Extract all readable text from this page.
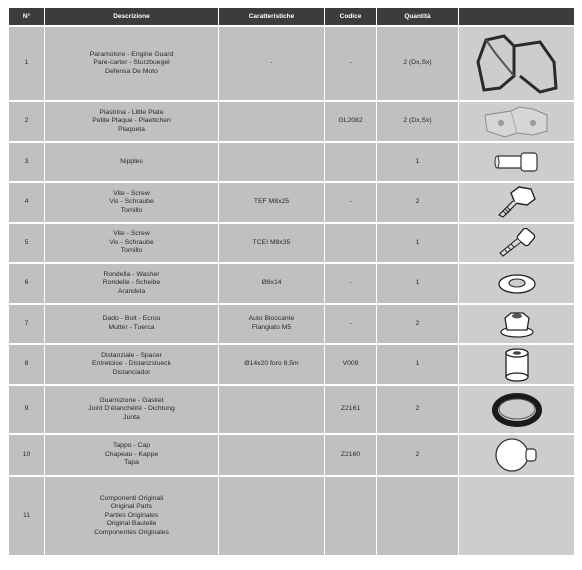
N°	Descrizione	Caratteristiche	Codice	Quantità	
1	Paramotore - Engine Guard
Pare-carter - Sturzbuegel
Defensa De Moto	-	-	2 (Dx,Sx)	

2	Piastrina - Little Plate
Petite Plaque - Plaettchen
Plaqueta		GL2082	2 (Dx,Sx)	

3	Nipples			1	

4	Vite - Screw
Vis - Schraube
Tornillo	TEF M8x25	-	2	

5	Vite - Screw
Vis - Schraube
Tornillo	TCEI M8x35		1	

6	Rondella - Washer
Rondelle - Scheibe
Arandela	Ø8x14	-	1	

7	Dado - Bolt - Ecrou
Mutter - Tuerca	Auto Bloccante
Flangiato M5	-	2	

8	Distanziale - Spacer
Entretoise - Distanzstueck
Distanciador	Ø14x20 foro 8.5m	V009	1	

9	Guarnizione - Gasket
Joint D'étanchéité - Dichtung
Junta		Z2161	2	

10	Tappo - Cap
Chapeau - Kappe
Tapa		Z2160	2	

11	Componenti Originali
Original Parts
Parties Originales
Original Bauteile
Componentes Originales				
